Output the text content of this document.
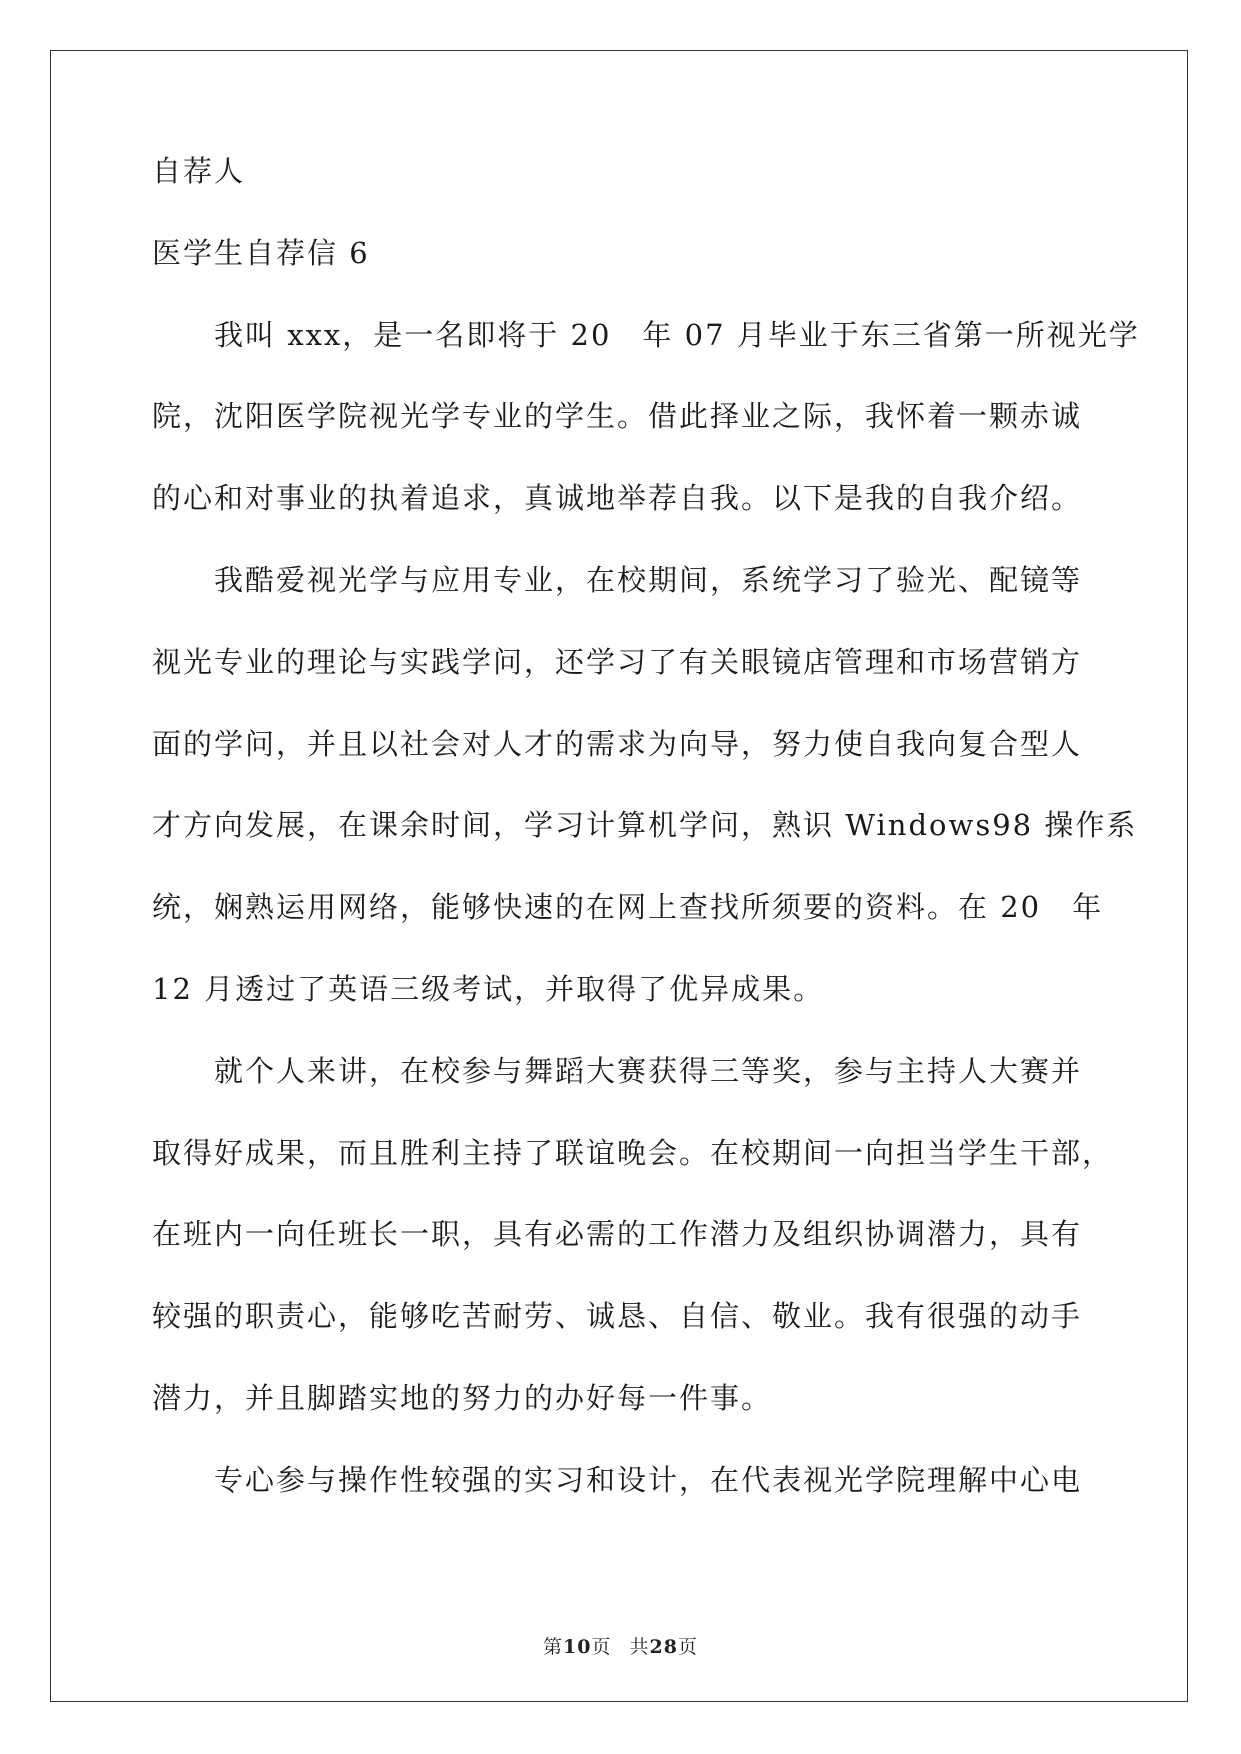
自荐人
医学生自荐信 6
我叫 xxx，是一名即将于 20　年 07 月毕业于东三省第一所视光学
院，沈阳医学院视光学专业的学生。借此择业之际，我怀着一颗赤诚
的心和对事业的执着追求，真诚地举荐自我。以下是我的自我介绍。
我酷爱视光学与应用专业，在校期间，系统学习了验光、配镜等
视光专业的理论与实践学问，还学习了有关眼镜店管理和市场营销方
面的学问，并且以社会对人才的需求为向导，努力使自我向复合型人
才方向发展，在课余时间，学习计算机学问，熟识 Windows98 操作系
统，娴熟运用网络，能够快速的在网上查找所须要的资料。在 20　年
12 月透过了英语三级考试，并取得了优异成果。
就个人来讲，在校参与舞蹈大赛获得三等奖，参与主持人大赛并
取得好成果，而且胜利主持了联谊晚会。在校期间一向担当学生干部，
在班内一向任班长一职，具有必需的工作潜力及组织协调潜力，具有
较强的职责心，能够吃苦耐劳、诚恳、自信、敬业。我有很强的动手
潜力，并且脚踏实地的努力的办好每一件事。
专心参与操作性较强的实习和设计，在代表视光学院理解中心电
第10页 共28页
